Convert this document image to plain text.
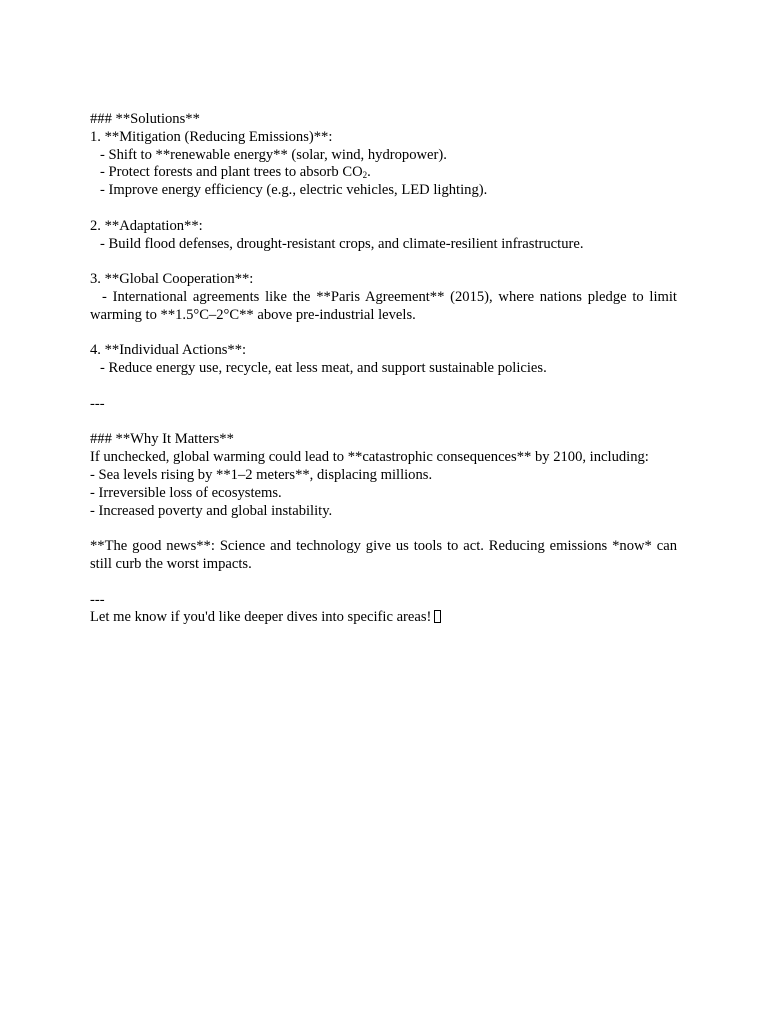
### **Solutions**
1. **Mitigation (Reducing Emissions)**:
- Shift to **renewable energy** (solar, wind, hydropower).
- Protect forests and plant trees to absorb $CO_2$.
- Improve energy efficiency (e.g., electric vehicles, LED lighting).
2. **Adaptation**:
- Build flood defenses, drought-resistant crops, and climate-resilient infrastructure.
3. **Global Cooperation**:
- International agreements like the **Paris Agreement** (2015), where nations pledge to limit warming to **1.5°C–2°C** above pre-industrial levels.
4. **Individual Actions**:
- Reduce energy use, recycle, eat less meat, and support sustainable policies.
---
### **Why It Matters**
If unchecked, global warming could lead to **catastrophic consequences** by 2100, including:
- Sea levels rising by **1–2 meters**, displacing millions.
- Irreversible loss of ecosystems.
- Increased poverty and global instability.
**The good news**: Science and technology give us tools to act. Reducing emissions *now* can still curb the worst impacts.
---
Let me know if you'd like deeper dives into specific areas!
